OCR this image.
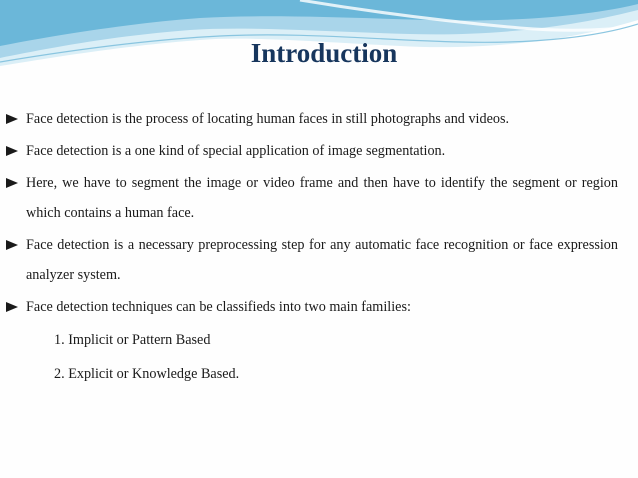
Introduction
Face detection is the process of locating human faces in still photographs and videos.
Face detection is a one kind of special application of image segmentation.
Here, we have to segment the image or video frame and then have to identify the segment or region which contains a human face.
Face detection is a necessary preprocessing step for any automatic face recognition or face expression analyzer system.
Face detection techniques can be classifieds into two main families:
1. Implicit or Pattern Based
2. Explicit or Knowledge Based.
